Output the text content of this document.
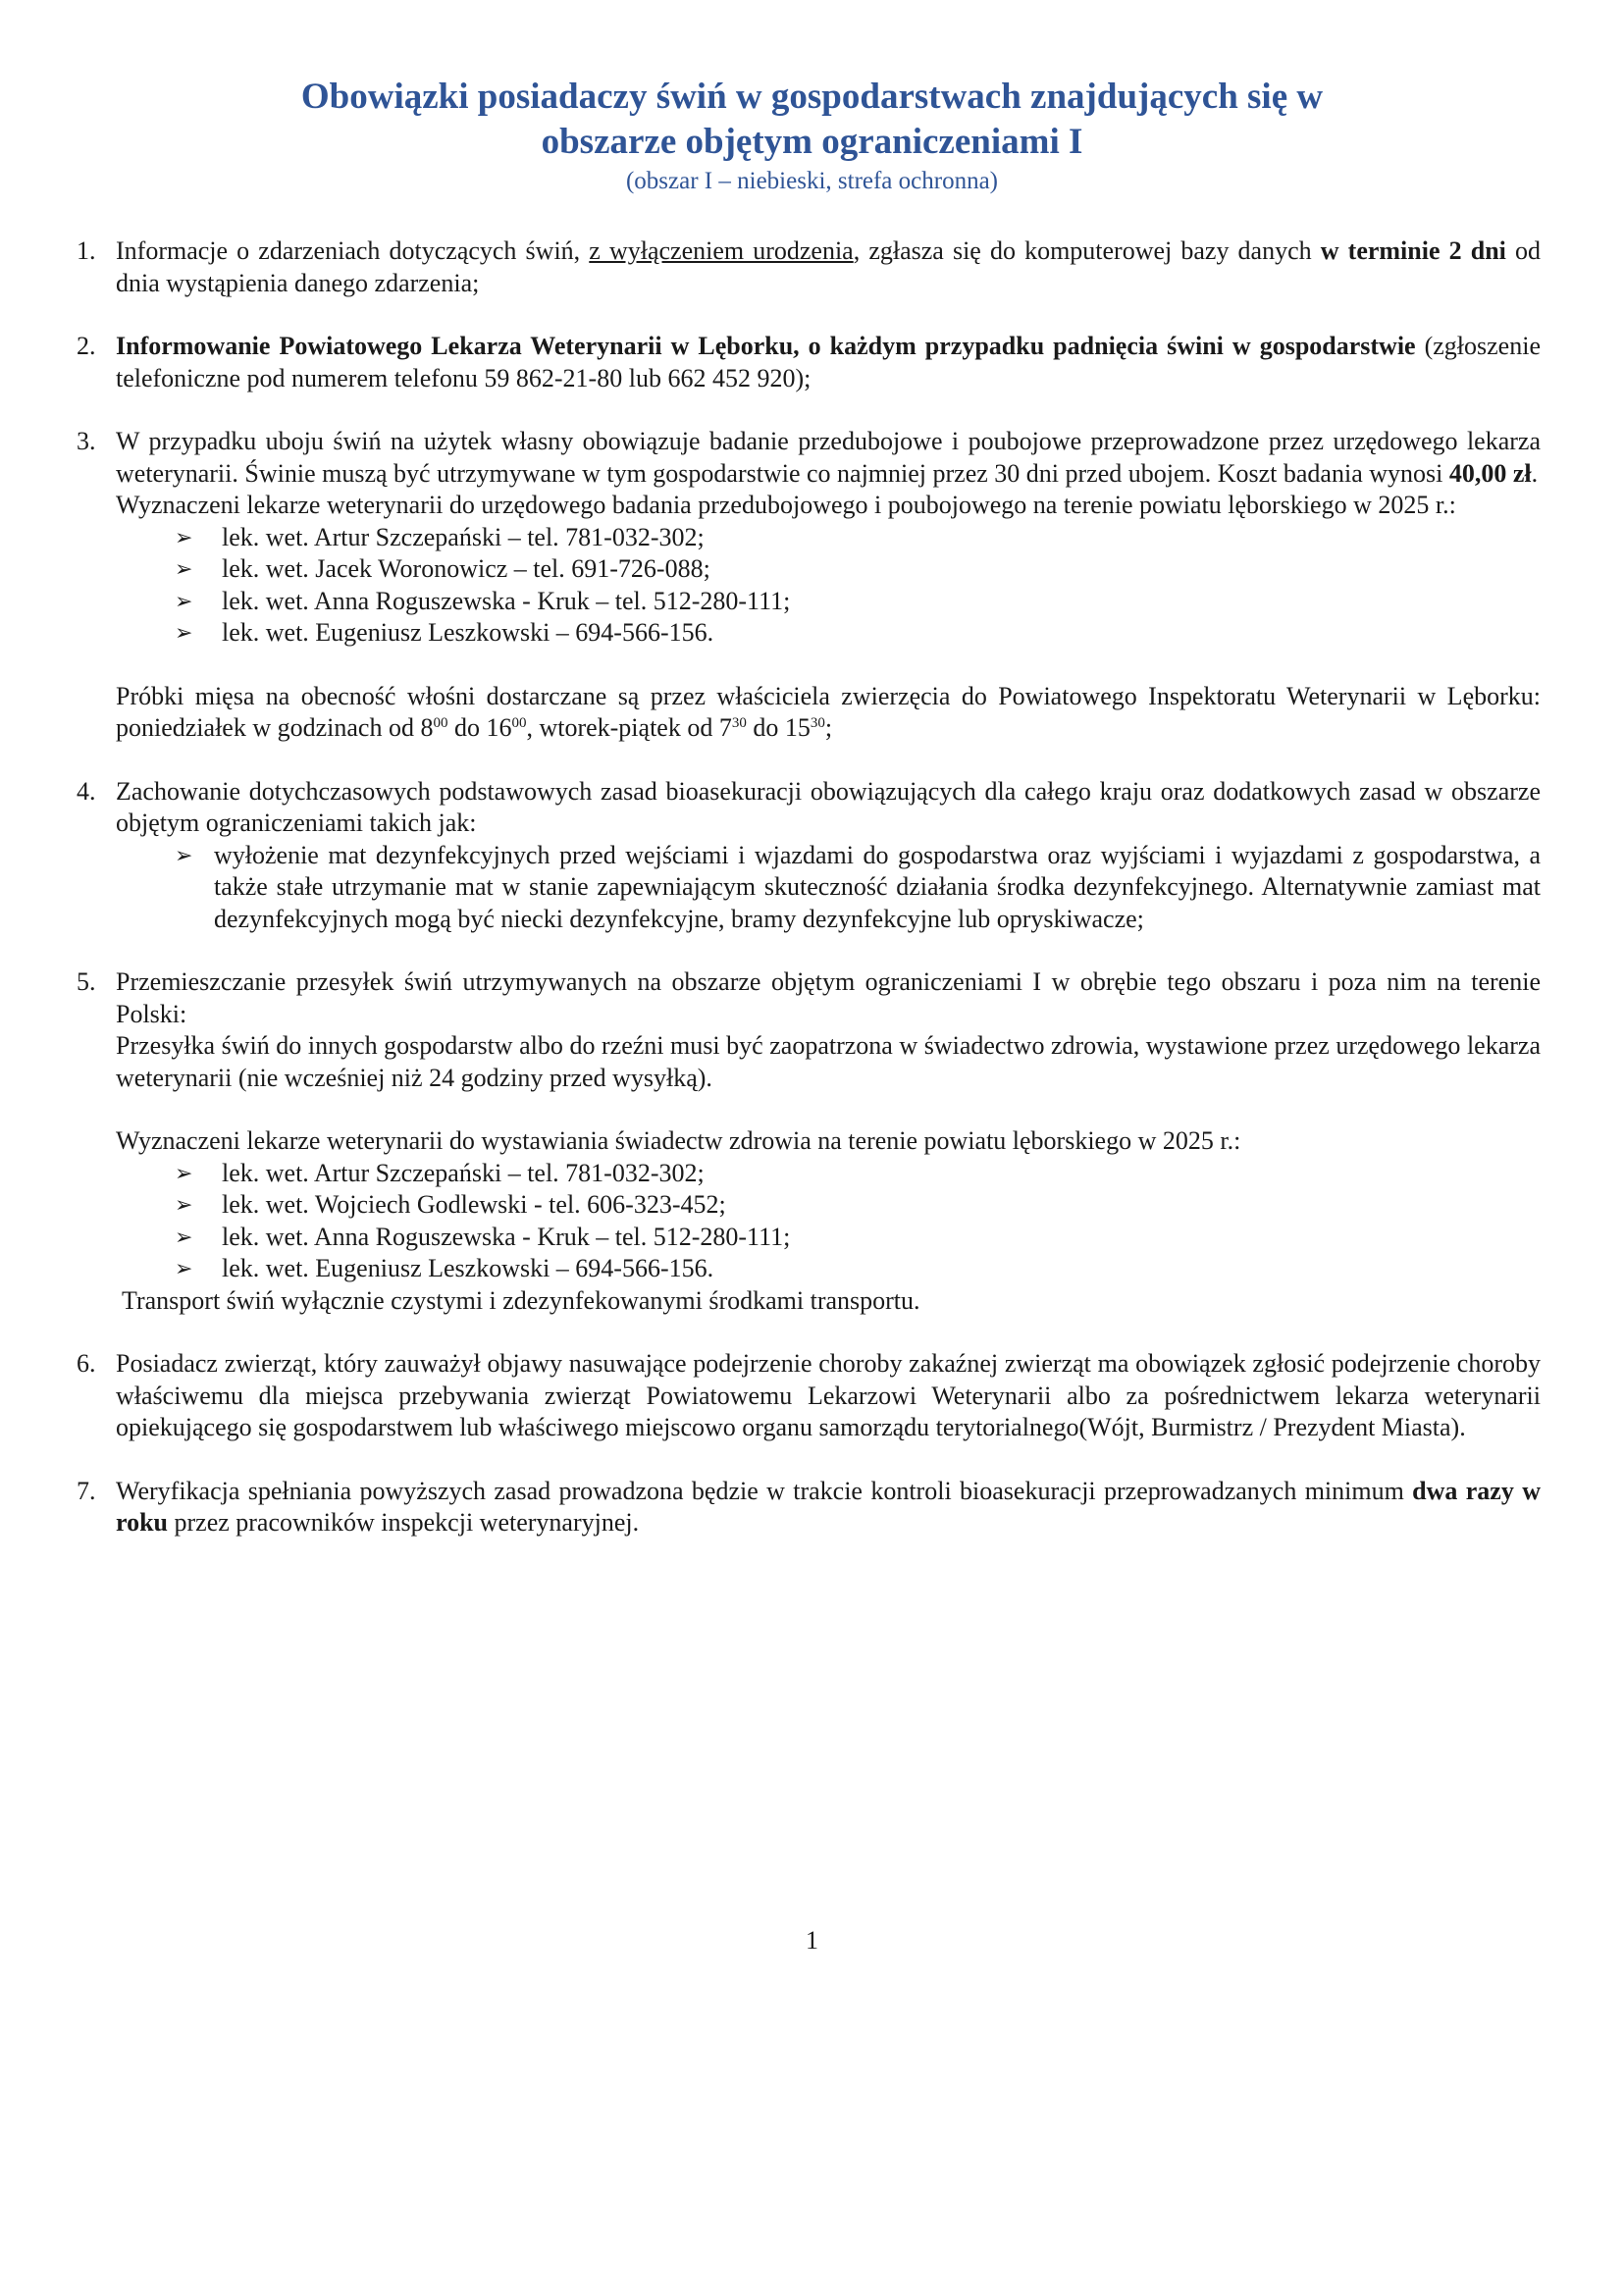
Obowiązki posiadaczy świń w gospodarstwach znajdujących się w
obszarze objętym ograniczeniami I
(obszar I – niebieski, strefa ochronna)
1. Informacje o zdarzeniach dotyczących świń, z wyłączeniem urodzenia, zgłasza się do komputerowej bazy danych w terminie 2 dni od dnia wystąpienia danego zdarzenia;

2. Informowanie Powiatowego Lekarza Weterynarii w Lęborku, o każdym przypadku padnięcia świni w gospodarstwie (zgłoszenie telefoniczne pod numerem telefonu 59 862-21-80 lub 662 452 920);

3. W przypadku uboju świń na użytek własny obowiązuje badanie przedubojowe i poubojowe przeprowadzone przez urzędowego lekarza weterynarii. Świnie muszą być utrzymywane w tym gospodarstwie co najmniej przez 30 dni przed ubojem. Koszt badania wynosi 40,00 zł.

Wyznaczeni lekarze weterynarii do urzędowego badania przedubojowego i poubojowego na terenie powiatu lęborskiego w 2025 r.:

➢ lek. wet. Artur Szczepański – tel. 781-032-302;
➢ lek. wet. Jacek Woronowicz – tel. 691-726-088;
➢ lek. wet. Anna Roguszewska - Kruk – tel. 512-280-111;
➢ lek. wet. Eugeniusz Leszkowski – 694-566-156.

Próbki mięsa na obecność włośni dostarczane są przez właściciela zwierzęcia do Powiatowego Inspektoratu Weterynarii w Lęborku: poniedziałek w godzinach od $8^{00}$ do $16^{00}$, wtorek-piątek od $7^{30}$ do $15^{30}$;

4. Zachowanie dotychczasowych podstawowych zasad bioasekuracji obowiązujących dla całego kraju oraz dodatkowych zasad w obszarze objętym ograniczeniami takich jak:

➢ wyłożenie mat dezynfekcyjnych przed wejściami i wjazdami do gospodarstwa oraz wyjściami i wyjazdami z gospodarstwa, a także stałe utrzymanie mat w stanie zapewniającym skuteczność działania środka dezynfekcyjnego. Alternatywnie zamiast mat dezynfekcyjnych mogą być niecki dezynfekcyjne, bramy dezynfekcyjne lub opryskiwacze;
5. Przemieszczanie przesyłek świń utrzymywanych na obszarze objętym ograniczeniami I w obrębie tego obszaru i poza nim na terenie Polski:

Przesyłka świń do innych gospodarstw albo do rzeźni musi być zaopatrzona w świadectwo zdrowia, wystawione przez urzędowego lekarza weterynarii (nie wcześniej niż 24 godziny przed wysyłką).

Wyznaczeni lekarze weterynarii do wystawiania świadectw zdrowia na terenie powiatu lęborskiego w 2025 r.:

➢ lek. wet. Artur Szczepański – tel. 781-032-302;
➢ lek. wet. Wojciech Godlewski - tel. 606-323-452;
➢ lek. wet. Anna Roguszewska - Kruk – tel. 512-280-111;
➢ lek. wet. Eugeniusz Leszkowski – 694-566-156.

Transport świń wyłącznie czystymi i zdezynfekowanymi środkami transportu.

6. Posiadacz zwierząt, który zauważył objawy nasuwające podejrzenie choroby zakaźnej zwierząt ma obowiązek zgłosić podejrzenie choroby właściwemu dla miejsca przebywania zwierząt Powiatowemu Lekarzowi Weterynarii albo za pośrednictwem lekarza weterynarii opiekującego się gospodarstwem lub właściwego miejscowo organu samorządu terytorialnego(Wójt, Burmistrz / Prezydent Miasta).

7. Weryfikacja spełniania powyższych zasad prowadzona będzie w trakcie kontroli bioasekuracji przeprowadzanych minimum dwa razy w roku przez pracowników inspekcji weterynaryjnej.

1
